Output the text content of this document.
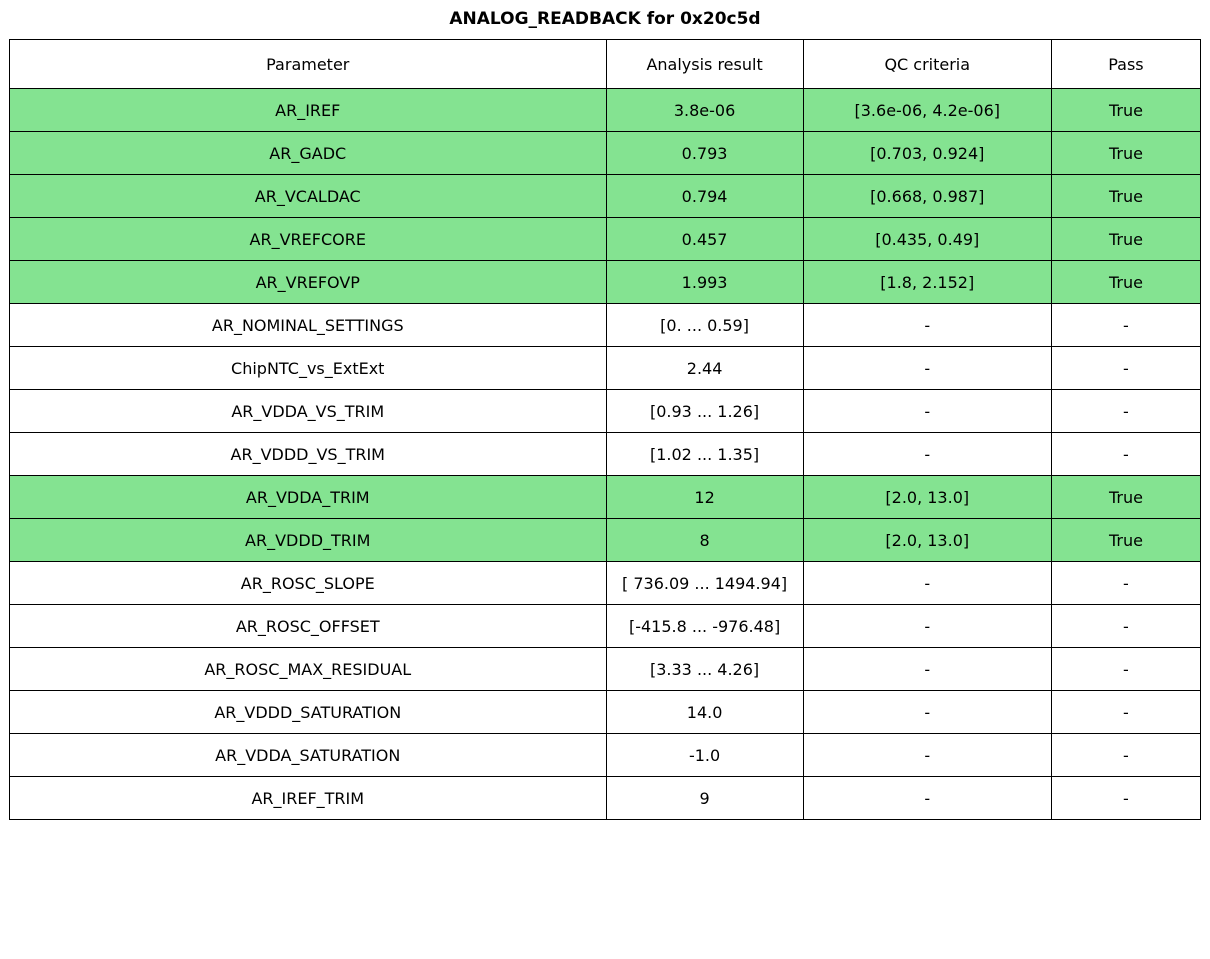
ANALOG_READBACK for 0x20c5d
Parameter	Analysis result	QC criteria	Pass
AR_IREF	3.8e-06	[3.6e-06, 4.2e-06]	True
AR_GADC	0.793	[0.703, 0.924]	True
AR_VCALDAC	0.794	[0.668, 0.987]	True
AR_VREFCORE	0.457	[0.435, 0.49]	True
AR_VREFOVP	1.993	[1.8, 2.152]	True
AR_NOMINAL_SETTINGS	[0. ... 0.59]	-	-
ChipNTC_vs_ExtExt	2.44	-	-
AR_VDDA_VS_TRIM	[0.93 ... 1.26]	-	-
AR_VDDD_VS_TRIM	[1.02 ... 1.35]	-	-
AR_VDDA_TRIM	12	[2.0, 13.0]	True
AR_VDDD_TRIM	8	[2.0, 13.0]	True
AR_ROSC_SLOPE	[ 736.09 ... 1494.94]	-	-
AR_ROSC_OFFSET	[-415.8 ... -976.48]	-	-
AR_ROSC_MAX_RESIDUAL	[3.33 ... 4.26]	-	-
AR_VDDD_SATURATION	14.0	-	-
AR_VDDA_SATURATION	-1.0	-	-
AR_IREF_TRIM	9	-	-
